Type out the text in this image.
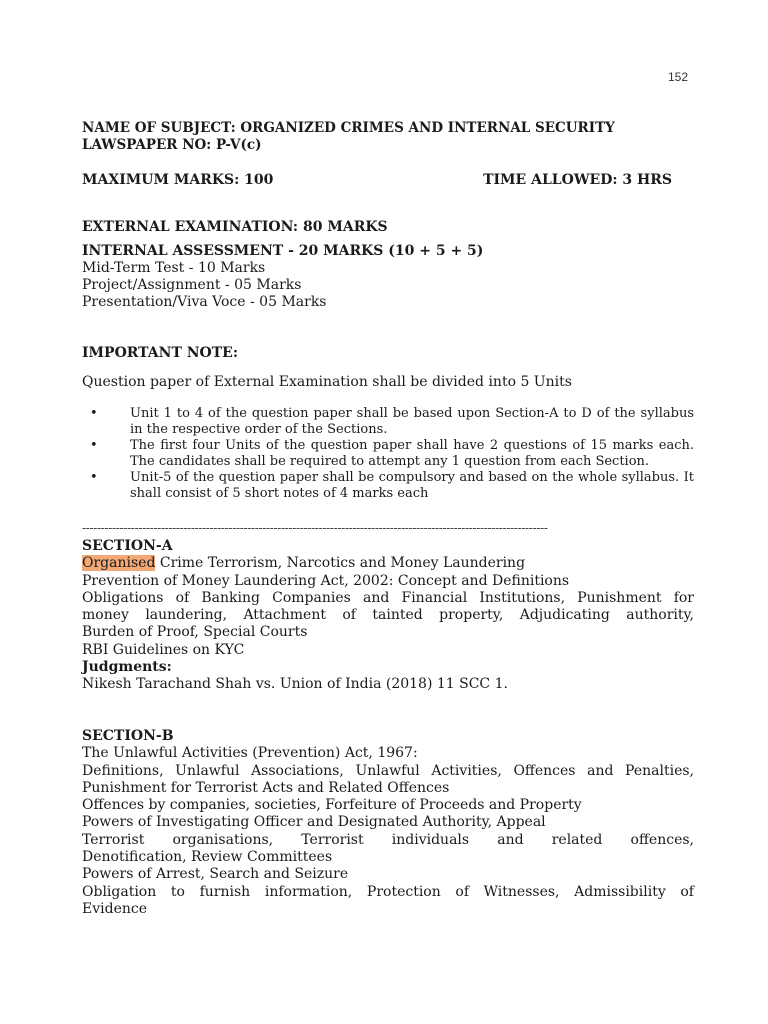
152
NAME OF SUBJECT: ORGANIZED CRIMES AND INTERNAL SECURITY
LAWSPAPER NO: P-V(c)
MAXIMUM MARKS: 100	TIME ALLOWED: 3 HRS
EXTERNAL EXAMINATION: 80 MARKS
INTERNAL ASSESSMENT - 20 MARKS (10 + 5 + 5)
Mid-Term Test - 10 Marks
Project/Assignment - 05 Marks
Presentation/Viva Voce - 05 Marks
IMPORTANT NOTE:
Question paper of External Examination shall be divided into 5 Units
• Unit 1 to 4 of the question paper shall be based upon Section-A to D of the syllabus in the respective order of the Sections.
• The first four Units of the question paper shall have 2 questions of 15 marks each. The candidates shall be required to attempt any 1 question from each Section.
• Unit-5 of the question paper shall be compulsory and based on the whole syllabus. It shall consist of 5 short notes of 4 marks each
----------------------------------------------------------------------------------------------------------------------------
SECTION-A
Organised Crime Terrorism, Narcotics and Money Laundering
Prevention of Money Laundering Act, 2002: Concept and Definitions
Obligations of Banking Companies and Financial Institutions, Punishment for
money laundering, Attachment of tainted property, Adjudicating authority,
Burden of Proof, Special Courts
RBI Guidelines on KYC
Judgments:
Nikesh Tarachand Shah vs. Union of India (2018) 11 SCC 1.
SECTION-B
The Unlawful Activities (Prevention) Act, 1967:
Definitions, Unlawful Associations, Unlawful Activities, Offences and Penalties,
Punishment for Terrorist Acts and Related Offences
Offences by companies, societies, Forfeiture of Proceeds and Property
Powers of Investigating Officer and Designated Authority, Appeal
Terrorist organisations, Terrorist individuals and related offences,
Denotification, Review Committees
Powers of Arrest, Search and Seizure
Obligation to furnish information, Protection of Witnesses, Admissibility of
Evidence
